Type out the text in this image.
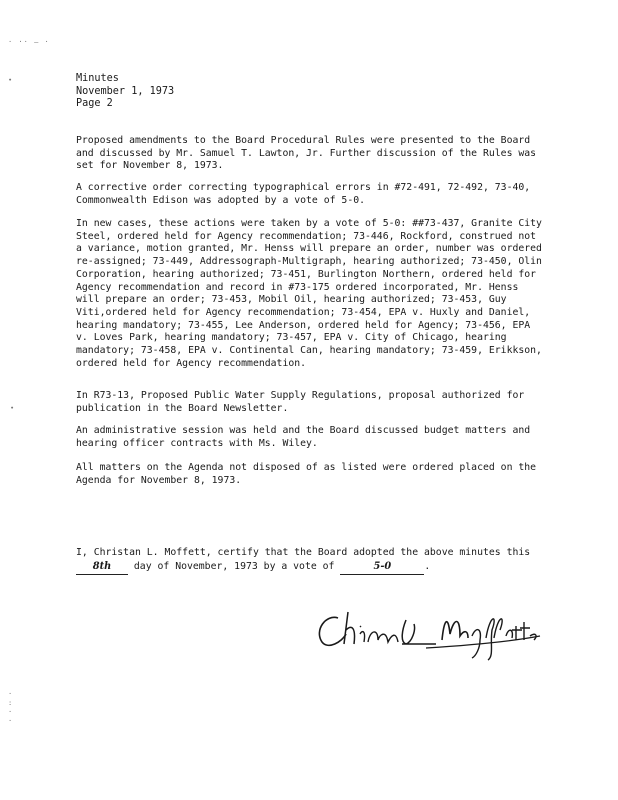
· ·· — ·
∙
∙
· : · ·
Minutes
November 1, 1973
Page 2

Proposed amendments to the Board Procedural Rules were presented to the Board and discussed by Mr. Samuel T. Lawton, Jr. Further discussion of the Rules was set for November 8, 1973.

A corrective order correcting typographical errors in #72-491, 72-492, 73-40, Commonwealth Edison was adopted by a vote of 5-0.

In new cases, these actions were taken by a vote of 5-0: ##73-437, Granite City Steel, ordered held for Agency recommendation; 73-446, Rockford, construed not a variance, motion granted, Mr. Henss will prepare an order, number was ordered re-assigned; 73-449, Addressograph-Multigraph, hearing authorized; 73-450, Olin Corporation, hearing authorized; 73-451, Burlington Northern, ordered held for Agency recommendation and record in #73-175 ordered incorporated, Mr. Henss will prepare an order; 73-453, Mobil Oil, hearing authorized; 73-453, Guy Viti,ordered held for Agency recommendation; 73-454, EPA v. Huxly and Daniel, hearing mandatory; 73-455, Lee Anderson, ordered held for Agency; 73-456, EPA v. Loves Park, hearing mandatory; 73-457, EPA v. City of Chicago, hearing mandatory; 73-458, EPA v. Continental Can, hearing mandatory; 73-459, Erikkson, ordered held for Agency recommendation.

In R73-13, Proposed Public Water Supply Regulations, proposal authorized for publication in the Board Newsletter.

An administrative session was held and the Board discussed budget matters and hearing officer contracts with Ms. Wiley.

All matters on the Agenda not disposed of as listed were ordered placed on the Agenda for November 8, 1973.

I, Christan L. Moffett, certify that the Board adopted the above minutes this 8th day of November, 1973 by a vote of	5-0	.
